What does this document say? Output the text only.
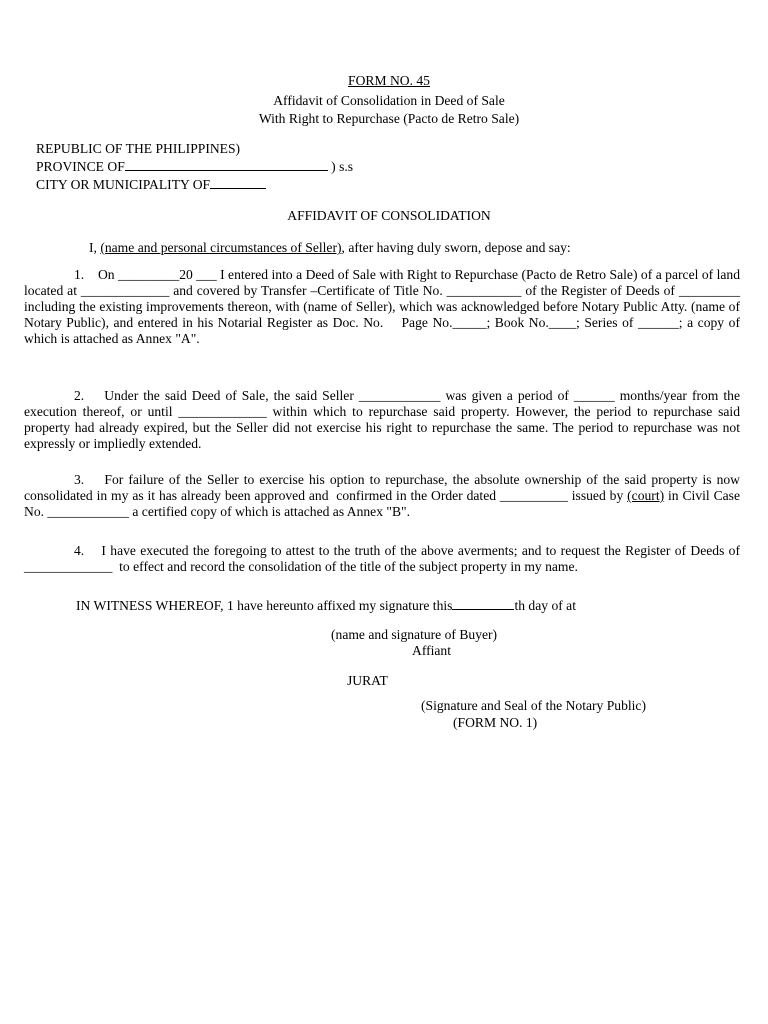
FORM NO. 45
Affidavit of Consolidation in Deed of Sale
With Right to Repurchase (Pacto de Retro Sale)
REPUBLIC OF THE PHILIPPINES)
PROVINCE OF	) s.s
CITY OR MUNICIPALITY OF
AFFIDAVIT OF CONSOLIDATION
I, (name and personal circumstances of Seller), after having duly sworn, depose and say:
1.    On _________20 ___ I entered into a Deed of Sale with Right to Repurchase (Pacto de Retro Sale) of a parcel of land located at _____________ and covered by Transfer –Certificate of Title No. ___________ of the Register of Deeds of _________ including the existing improvements thereon, with (name of Seller), which was acknowledged before Notary Public Atty. (name of Notary Public), and entered in his Notarial Register as Doc. No.    Page No._____; Book No.____; Series of ______; a copy of which is attached as Annex "A".
2.    Under the said Deed of Sale, the said Seller ____________ was given a period of ______ months/year from the execution thereof, or until _____________ within which to repurchase said property. However, the period to repurchase said property had already expired, but the Seller did not exercise his right to repurchase the same. The period to repurchase was not expressly or impliedly extended.
3.    For failure of the Seller to exercise his option to repurchase, the absolute ownership of the said property is now consolidated in my as it has already been approved and  confirmed in the Order dated __________ issued by (court) in Civil Case No. ____________ a certified copy of which is attached as Annex "B".
4.    I have executed the foregoing to attest to the truth of the above averments; and to request the Register of Deeds of _____________  to effect and record the consolidation of the title of the subject property in my name.
IN WITNESS WHEREOF, 1 have hereunto affixed my signature this	th day of at
(name and signature of Buyer)
Affiant
JURAT
(Signature and Seal of the Notary Public)
(FORM NO. 1)
